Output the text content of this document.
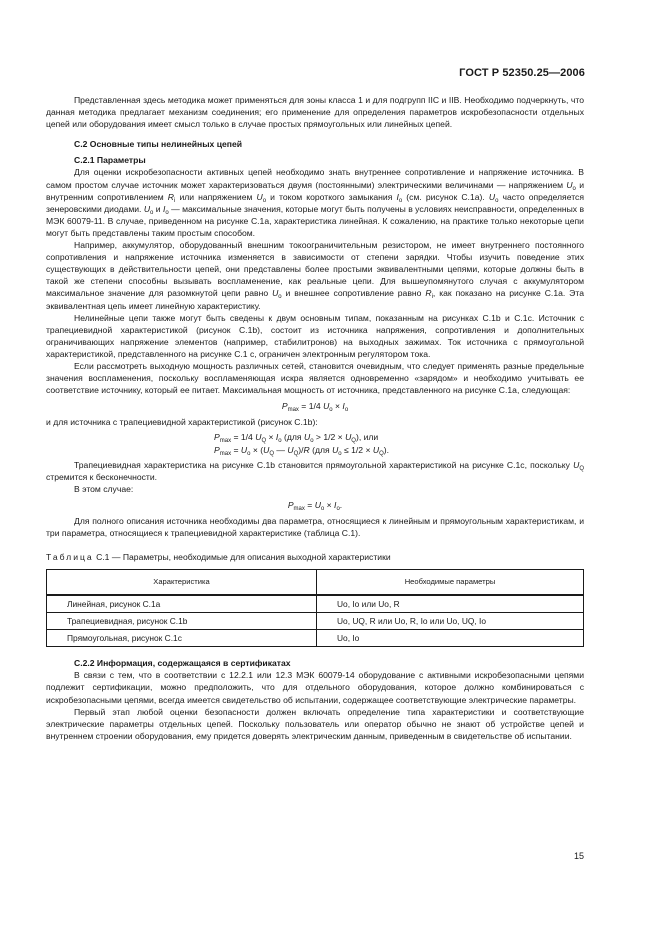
ГОСТ Р 52350.25—2006

Представленная здесь методика может применяться для зоны класса 1 и для подгрупп IIC и IIB. Необходимо подчеркнуть, что данная методика предлагает механизм соединения; его применение для определения параметров искробезопасности отдельных цепей или оборудования имеет смысл только в случае простых прямоугольных или линейных цепей.

С.2 Основные типы нелинейных цепей

С.2.1 Параметры

Для оценки искробезопасности активных цепей необходимо знать внутреннее сопротивление и напряжение источника. В самом простом случае источник может характеризоваться двумя (постоянными) электрическими величинами — напряжением $U_o$ и внутренним сопротивлением $R_i$ или напряжением $U_o$ и током короткого замыкания $I_o$ (см. рисунок С.1а). $U_o$ часто определяется зенеровскими диодами. $U_o$ и $I_o$ — максимальные значения, которые могут быть получены в условиях неисправности, определенных в МЭК 60079-11. В случае, приведенном на рисунке С.1а, характеристика линейная. К сожалению, на практике только некоторые цепи могут быть представлены таким простым способом.

Например, аккумулятор, оборудованный внешним токоограничительным резистором, не имеет внутреннего постоянного сопротивления и напряжение источника изменяется в зависимости от степени зарядки. Чтобы изучить поведение этих существующих в действительности цепей, они представлены более простыми эквивалентными цепями, которые должны быть в такой же степени способны вызывать воспламенение, как реальные цепи. Для вышеупомянутого случая с аккумулятором максимальное значение для разомкнутой цепи равно $U_o$ и внешнее сопротивление равно $R_i$, как показано на рисунке С.1а. Эта эквивалентная цепь имеет линейную характеристику.

Нелинейные цепи также могут быть сведены к двум основным типам, показанным на рисунках С.1b и С.1с. Источник с трапециевидной характеристикой (рисунок С.1b), состоит из источника напряжения, сопротивления и дополнительных ограничивающих напряжение элементов (например, стабилитронов) на выходных зажимах. Ток источника с прямоугольной характеристикой, представленного на рисунке С.1 с, ограничен электронным регулятором тока.

Если рассмотреть выходную мощность различных сетей, становится очевидным, что следует применять разные предельные значения воспламенения, поскольку воспламеняющая искра является одновременно «зарядом» и необходимо учитывать ее соответствие источнику, который ее питает. Максимальная мощность от источника, представленного на рисунке С.1а, следующая:

$P_{max} = 1/4$ $U_o \times I_o$

и для источника с трапециевидной характеристикой (рисунок С.1b):

$P_{max} = 1/4$ $U_Q \times I_o$ (для $U_o > 1/2 \times U_Q$), или
$P_{max} = U_o \times (U_Q$ — $U_Q)/R$ (для $U_o \le 1/2 \times U_Q$).

Трапециевидная характеристика на рисунке С.1b становится прямоугольной характеристикой на рисунке С.1с, поскольку $U_Q$ стремится к бесконечности.

В этом случае:

$P_{max} = U_o \times I_o$.

Для полного описания источника необходимы два параметра, относящиеся к линейным и прямоугольным характеристикам, и три параметра, относящиеся к трапециевидной характеристике (таблица С.1).

Таблица С.1 — Параметры, необходимые для описания выходной характеристики

Характеристика	Необходимые параметры
Линейная, рисунок С.1а	Uo, Io или Uo, R
Трапециевидная, рисунок С.1b	Uo, UQ, R или Uo, R, Io или Uo, UQ, Io
Прямоугольная, рисунок С.1с	Uo, Io

С.2.2 Информация, содержащаяся в сертификатах

В связи с тем, что в соответствии с 12.2.1 или 12.3 МЭК 60079-14 оборудование с активными искробезопасными цепями подлежит сертификации, можно предположить, что для отдельного оборудования, которое должно комбинироваться с искробезопасными цепями, всегда имеется свидетельство об испытании, содержащее соответствующие электрические параметры.

Первый этап любой оценки безопасности должен включать определение типа характеристики и соответствующие электрические параметры отдельных цепей. Поскольку пользователь или оператор обычно не знают об устройстве цепей и внутреннем строении оборудования, ему придется доверять электрическим данным, приведенным в свидетельстве об испытании.

15
